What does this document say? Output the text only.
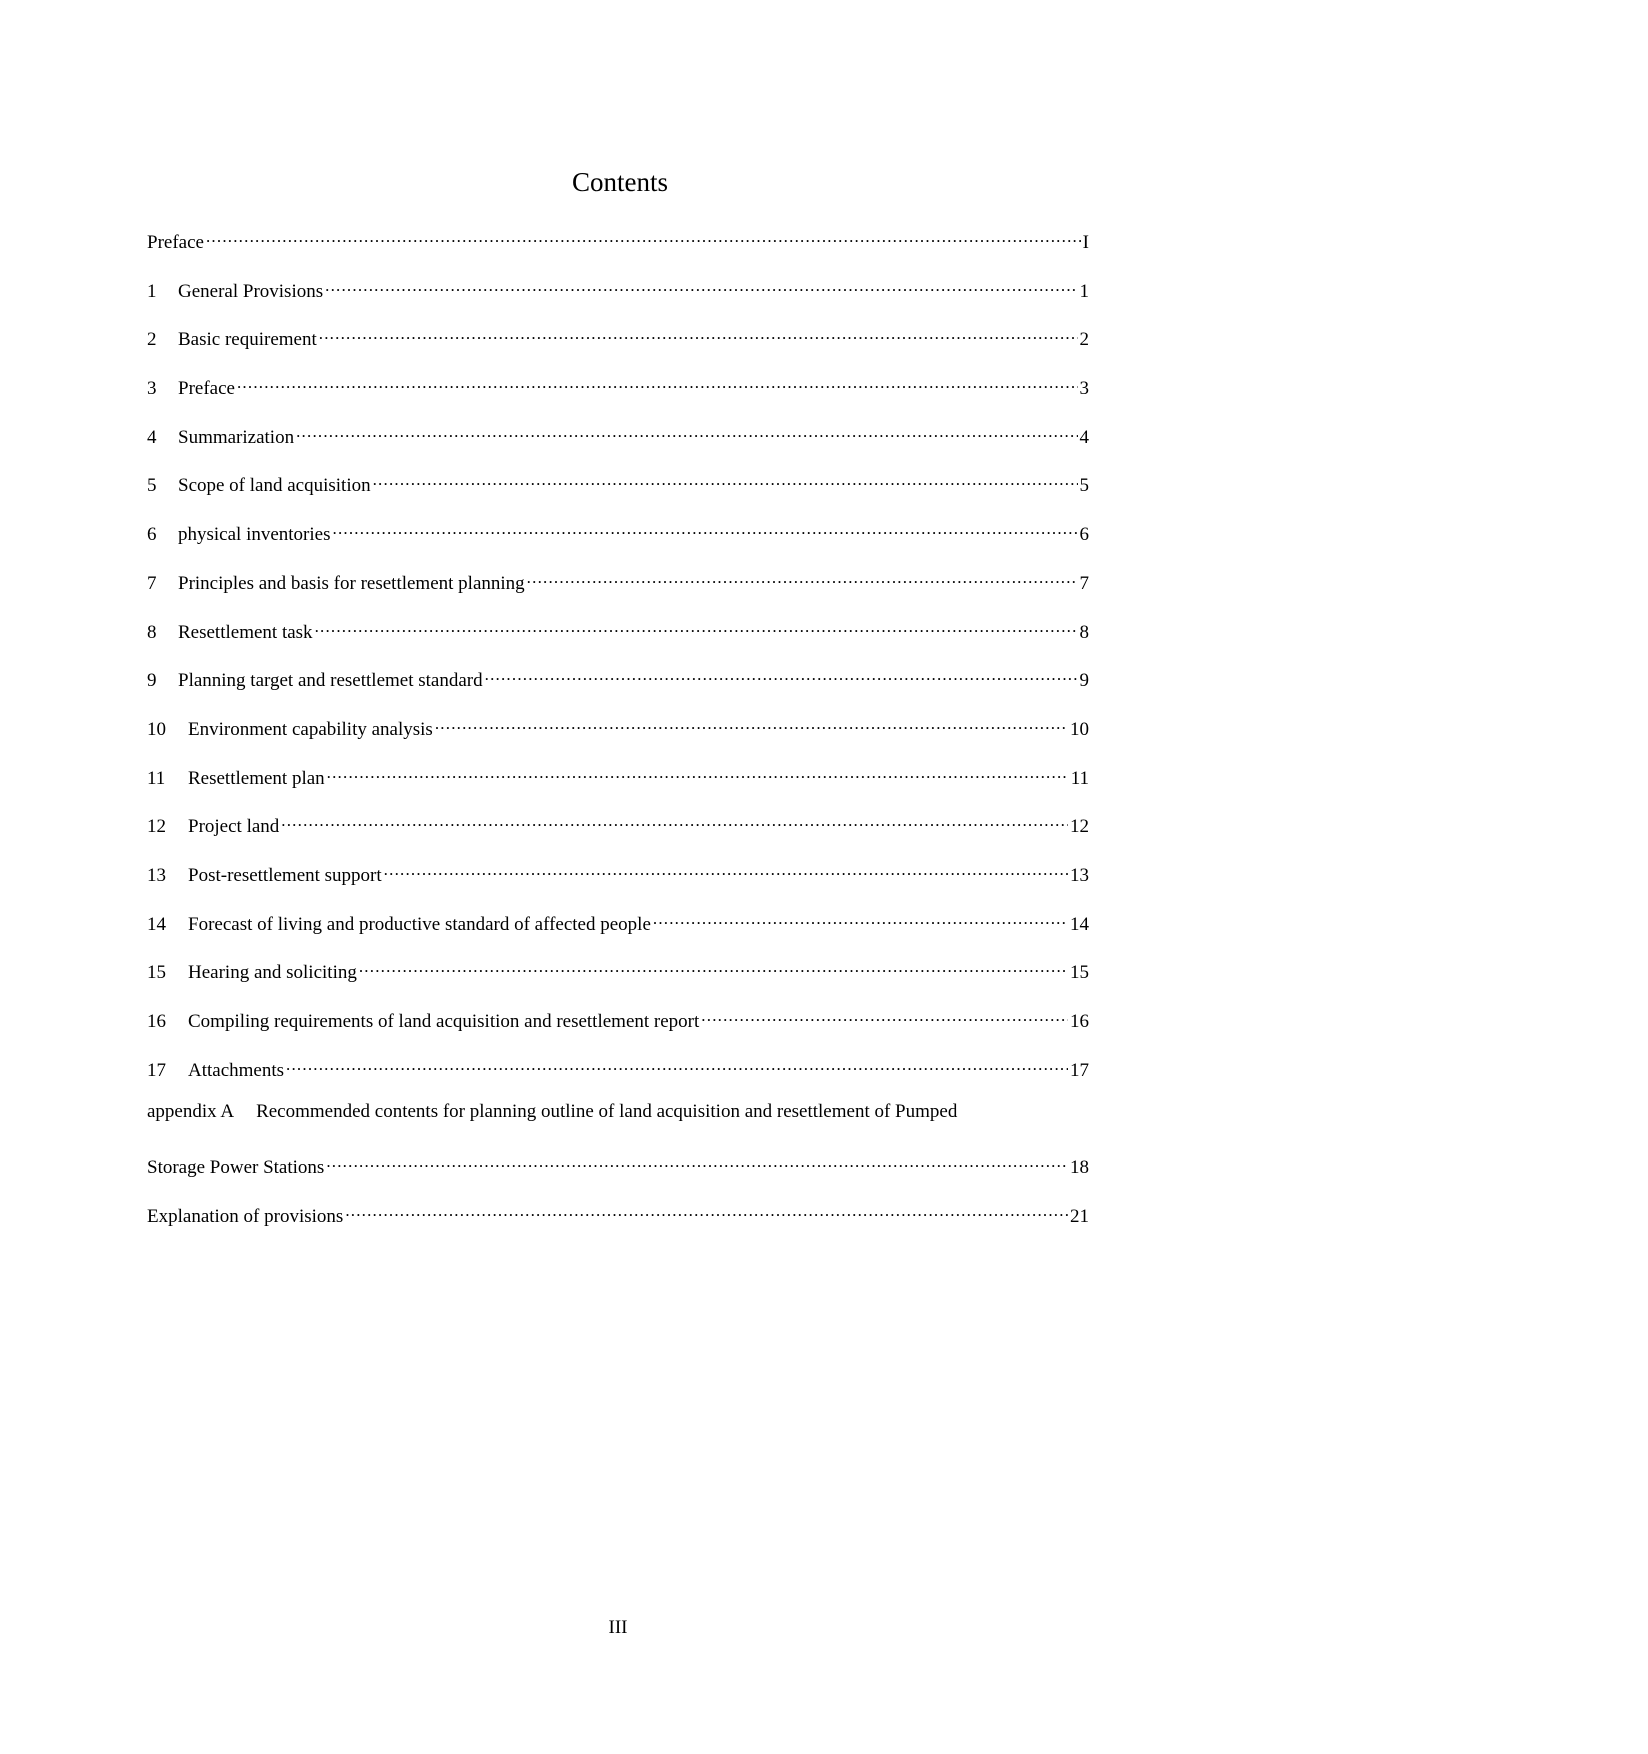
Contents
Preface .....	I
1	General Provisions .....	1
2	Basic requirement .....	2
3	Preface .....	3
4	Summarization .....	4
5	Scope of land acquisition .....	5
6	physical inventories .....	6
7	Principles and basis for resettlement planning .....	7
8	Resettlement task .....	8
9	Planning target and resettlemet standard .....	9
10	Environment capability analysis .....	10
11	Resettlement plan .....	11
12	Project land .....	12
13	Post-resettlement support .....	13
14	Forecast of living and productive standard of affected people .....	14
15	Hearing and soliciting .....	15
16	Compiling requirements of land acquisition and resettlement report .....	16
17	Attachments .....	17
appendix A Recommended contents for planning outline of land acquisition and resettlement of Pumped
Storage Power Stations .....	18
Explanation of provisions .....	21
III
